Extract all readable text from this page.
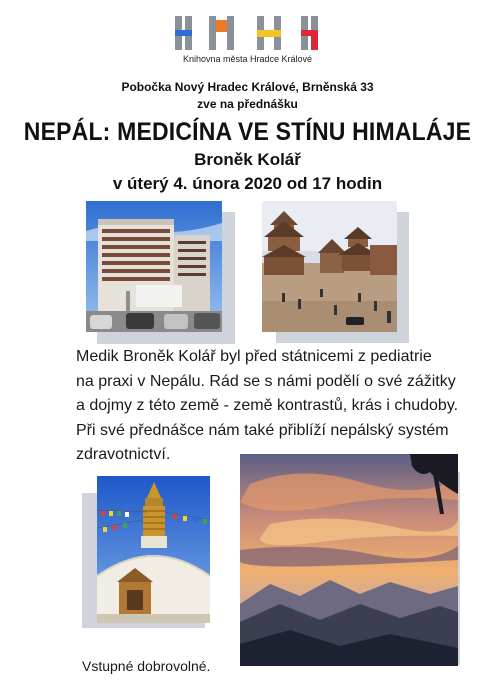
Knihovna města Hradce Králové
Pobočka Nový Hradec Králové, Brněnská 33
zve na přednášku
NEPÁL: MEDICÍNA VE STÍNU HIMALÁJE
Broněk Kolář
v úterý 4. února 2020 od 17 hodin

Medik Broněk Kolář byl před státnicemi z pediatrie

na praxi v Nepálu. Rád se s námi podělí o své zážitky

a dojmy z této země - země kontrastů, krás i chudoby.

Při své přednášce nám také přiblíží nepálský systém

zdravotnictví.

Vstupné dobrovolné.
